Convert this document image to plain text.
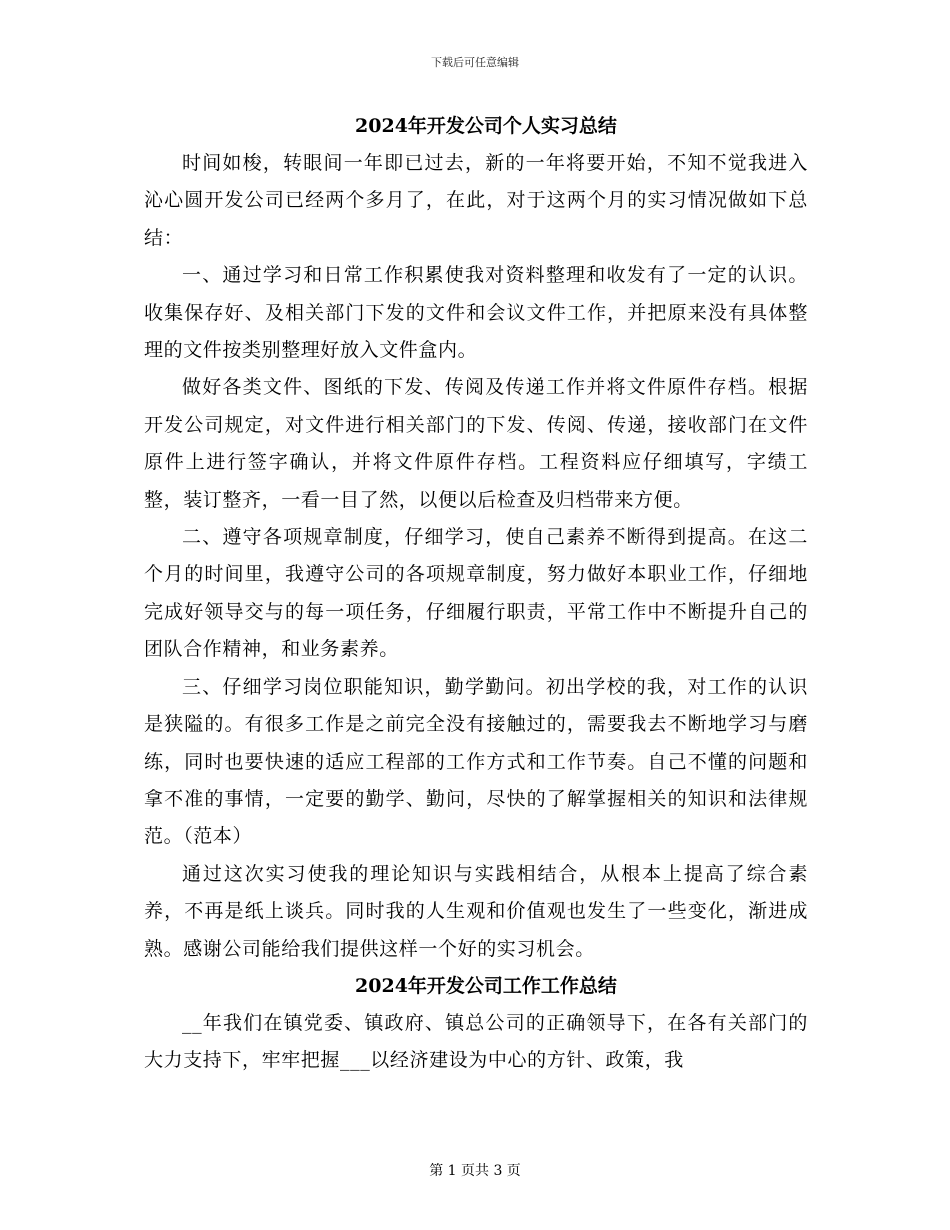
下载后可任意编辑
2024年开发公司个人实习总结

时间如梭，转眼间一年即已过去，新的一年将要开始，不知不觉我进入沁心圆开发公司已经两个多月了，在此，对于这两个月的实习情况做如下总结：

一、通过学习和日常工作积累使我对资料整理和收发有了一定的认识。收集保存好、及相关部门下发的文件和会议文件工作，并把原来没有具体整理的文件按类别整理好放入文件盒内。

做好各类文件、图纸的下发、传阅及传递工作并将文件原件存档。根据开发公司规定，对文件进行相关部门的下发、传阅、传递，接收部门在文件原件上进行签字确认，并将文件原件存档。工程资料应仔细填写，字绩工整，装订整齐，一看一目了然，以便以后检查及归档带来方便。

二、遵守各项规章制度，仔细学习，使自己素养不断得到提高。在这二个月的时间里，我遵守公司的各项规章制度，努力做好本职业工作，仔细地完成好领导交与的每一项任务，仔细履行职责，平常工作中不断提升自己的团队合作精神，和业务素养。

三、仔细学习岗位职能知识，勤学勤问。初出学校的我，对工作的认识是狭隘的。有很多工作是之前完全没有接触过的，需要我去不断地学习与磨练，同时也要快速的适应工程部的工作方式和工作节奏。自己不懂的问题和拿不准的事情，一定要的勤学、勤问，尽快的了解掌握相关的知识和法律规范。（范本）

通过这次实习使我的理论知识与实践相结合，从根本上提高了综合素养，不再是纸上谈兵。同时我的人生观和价值观也发生了一些变化，渐进成熟。感谢公司能给我们提供这样一个好的实习机会。

2024年开发公司工作工作总结

__年我们在镇党委、镇政府、镇总公司的正确领导下，在各有关部门的大力支持下，牢牢把握___以经济建设为中心的方针、政策，我

第 1 页共 3 页
